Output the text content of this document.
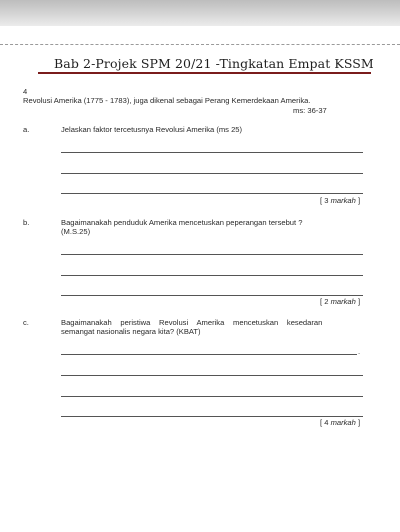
Bab 2-Projek SPM 20/21 -Tingkatan Empat KSSM
4
Revolusi Amerika (1775 - 1783), juga dikenal sebagai Perang Kemerdekaan Amerika.
ms: 36-37
a.	Jelaskan faktor tercetusnya Revolusi Amerika (ms 25)
[ 3 markah ]
b.	Bagaimanakah penduduk Amerika mencetuskan peperangan tersebut ?
(M.S.25)
[ 2 markah ]
c.	Bagaimanakah peristiwa Revolusi Amerika mencetuskan kesedaran
semangat nasionalis negara kita? (KBAT)
.
[ 4 markah ]
